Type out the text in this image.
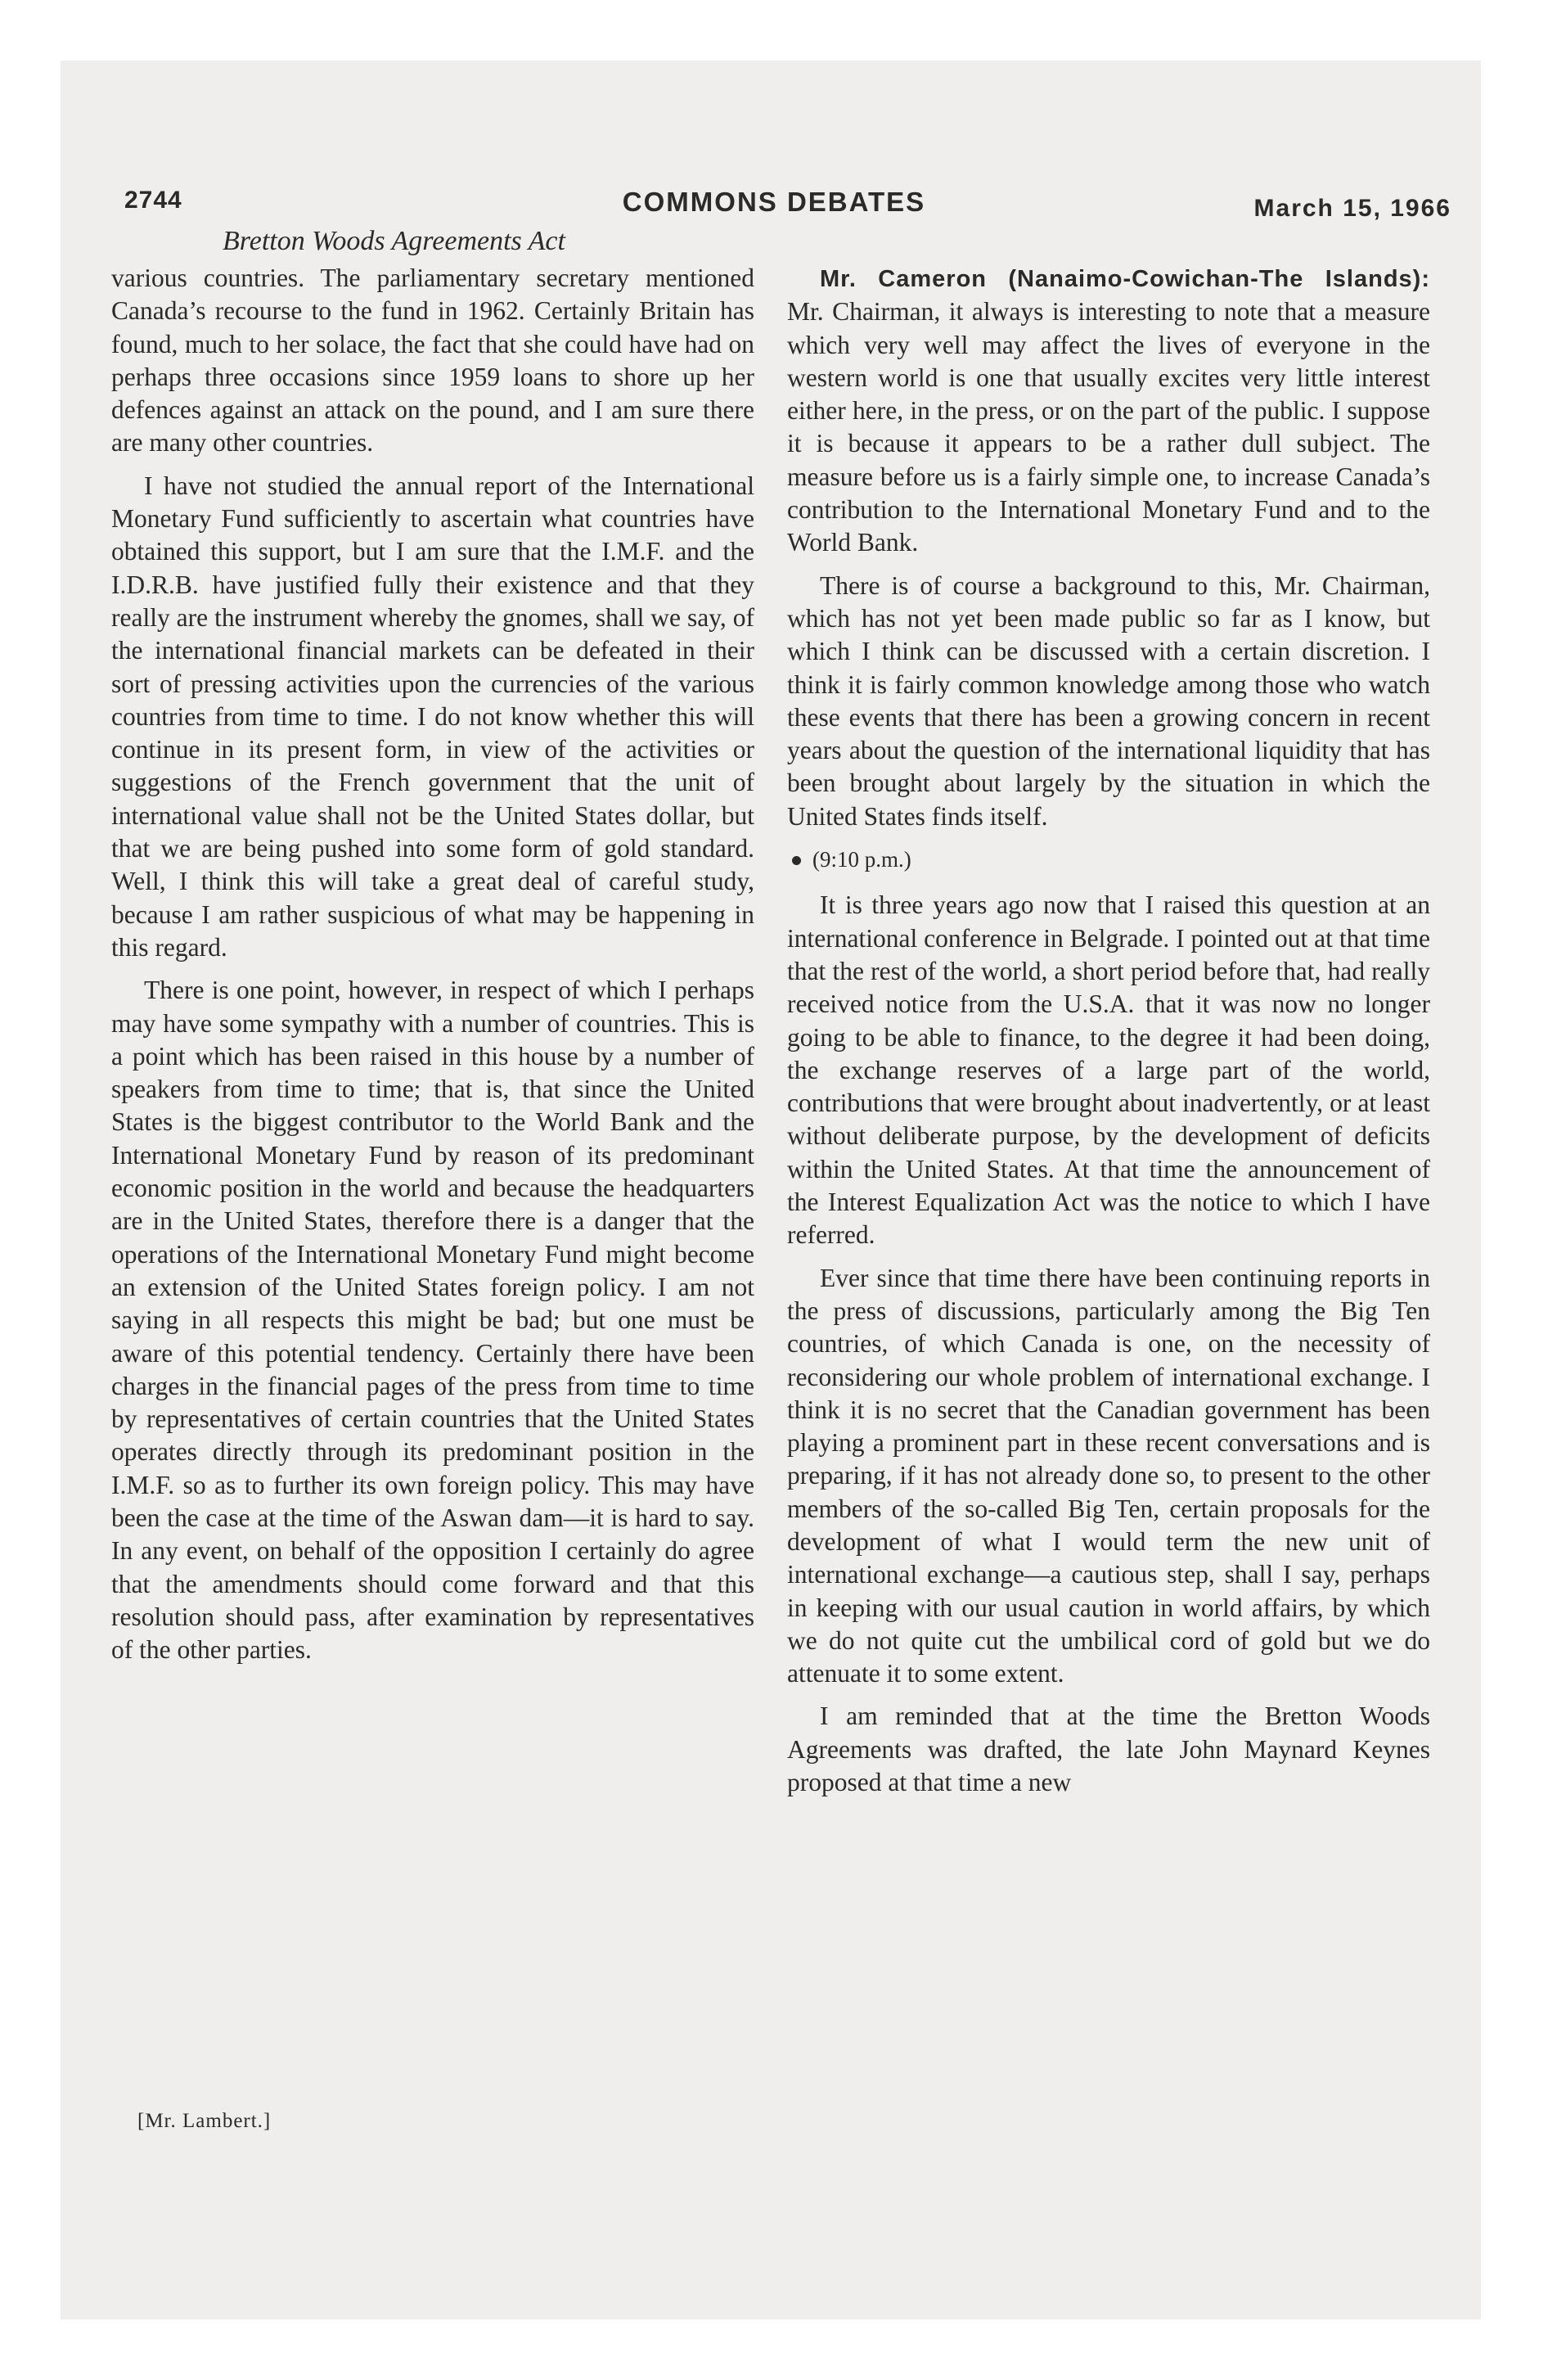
2744	COMMONS DEBATES	March 15, 1966
Bretton Woods Agreements Act

various countries. The parliamentary secretary mentioned Canada’s recourse to the fund in 1962. Certainly Britain has found, much to her solace, the fact that she could have had on perhaps three occasions since 1959 loans to shore up her defences against an attack on the pound, and I am sure there are many other countries.

I have not studied the annual report of the International Monetary Fund sufficiently to ascertain what countries have obtained this support, but I am sure that the I.M.F. and the I.D.R.B. have justified fully their existence and that they really are the instrument whereby the gnomes, shall we say, of the international financial markets can be defeated in their sort of pressing activities upon the currencies of the various countries from time to time. I do not know whether this will continue in its present form, in view of the activities or suggestions of the French government that the unit of international value shall not be the United States dollar, but that we are being pushed into some form of gold standard. Well, I think this will take a great deal of careful study, because I am rather suspicious of what may be happening in this regard.

There is one point, however, in respect of which I perhaps may have some sympathy with a number of countries. This is a point which has been raised in this house by a number of speakers from time to time; that is, that since the United States is the biggest contributor to the World Bank and the International Monetary Fund by reason of its predominant economic position in the world and because the headquarters are in the United States, therefore there is a danger that the operations of the International Monetary Fund might become an extension of the United States foreign policy. I am not saying in all respects this might be bad; but one must be aware of this potential tendency. Certainly there have been charges in the financial pages of the press from time to time by representatives of certain countries that the United States operates directly through its predominant position in the I.M.F. so as to further its own foreign policy. This may have been the case at the time of the Aswan dam—it is hard to say. In any event, on behalf of the opposition I certainly do agree that the amendments should come forward and that this resolution should pass, after examination by representatives of the other parties.

[Mr. Lambert.]

Mr. Cameron (Nanaimo-Cowichan-The Islands): Mr. Chairman, it always is interesting to note that a measure which very well may affect the lives of everyone in the western world is one that usually excites very little interest either here, in the press, or on the part of the public. I suppose it is because it appears to be a rather dull subject. The measure before us is a fairly simple one, to increase Canada’s contribution to the International Monetary Fund and to the World Bank.

There is of course a background to this, Mr. Chairman, which has not yet been made public so far as I know, but which I think can be discussed with a certain discretion. I think it is fairly common knowledge among those who watch these events that there has been a growing concern in recent years about the question of the international liquidity that has been brought about largely by the situation in which the United States finds itself.

(9:10 p.m.)

It is three years ago now that I raised this question at an international conference in Belgrade. I pointed out at that time that the rest of the world, a short period before that, had really received notice from the U.S.A. that it was now no longer going to be able to finance, to the degree it had been doing, the exchange reserves of a large part of the world, contributions that were brought about inadvertently, or at least without deliberate purpose, by the development of deficits within the United States. At that time the announcement of the Interest Equalization Act was the notice to which I have referred.

Ever since that time there have been continuing reports in the press of discussions, particularly among the Big Ten countries, of which Canada is one, on the necessity of reconsidering our whole problem of international exchange. I think it is no secret that the Canadian government has been playing a prominent part in these recent conversations and is preparing, if it has not already done so, to present to the other members of the so-called Big Ten, certain proposals for the development of what I would term the new unit of international exchange—a cautious step, shall I say, perhaps in keeping with our usual caution in world affairs, by which we do not quite cut the umbilical cord of gold but we do attenuate it to some extent.

I am reminded that at the time the Bretton Woods Agreements was drafted, the late John Maynard Keynes proposed at that time a new
